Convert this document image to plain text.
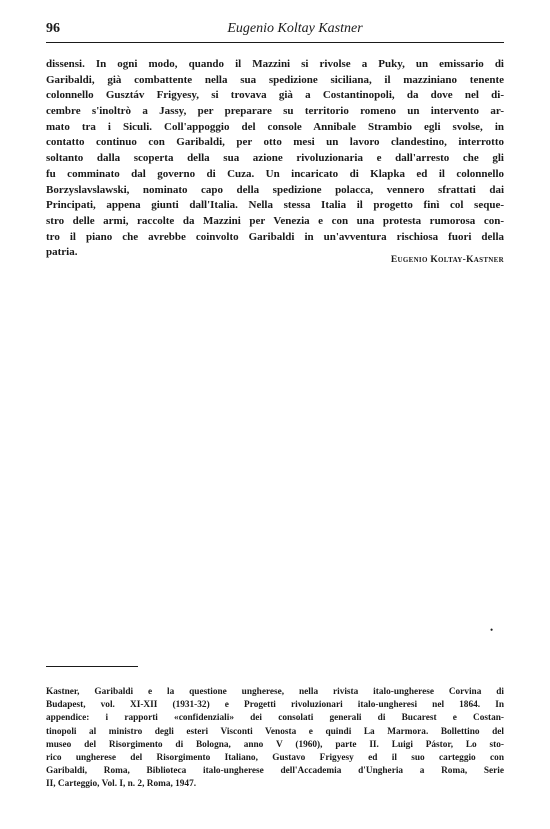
96	Eugenio Koltay Kastner
dissensi. In ogni modo, quando il Mazzini si rivolse a Puky, un emissario di
Garibaldi, già combattente nella sua spedizione siciliana, il mazziniano tenente
colonnello Gusztáv Frigyesy, si trovava già a Costantinopoli, da dove nel di-
cembre s'inoltrò a Jassy, per preparare su territorio romeno un intervento ar-
mato tra i Siculi. Coll'appoggio del console Annibale Strambio egli svolse, in
contatto continuo con Garibaldi, per otto mesi un lavoro clandestino, interrotto
soltanto dalla scoperta della sua azione rivoluzionaria e dall'arresto che gli
fu comminato dal governo di Cuza. Un incaricato di Klapka ed il colonnello
Borzyslavslawski, nominato capo della spedizione polacca, vennero sfrattati dai
Principati, appena giunti dall'Italia. Nella stessa Italia il progetto finì col seque-
stro delle armi, raccolte da Mazzini per Venezia e con una protesta rumorosa con-
tro il piano che avrebbe coinvolto Garibaldi in un'avventura rischiosa fuori della
patria.
Eugenio Koltay-Kastner
•
Kastner, Garibaldi e la questione ungherese, nella rivista italo-ungherese Corvina di
Budapest, vol. XI-XII (1931-32) e Progetti rivoluzionari italo-ungheresi nel 1864. In
appendice: i rapporti «confidenziali» dei consolati generali di Bucarest e Costan-
tinopoli al ministro degli esteri Visconti Venosta e quindi La Marmora. Bollettino del
museo del Risorgimento di Bologna, anno V (1960), parte II. Luigi Pástor, Lo sto-
rico ungherese del Risorgimento Italiano, Gustavo Frigyesy ed il suo carteggio con
Garibaldi, Roma, Biblioteca italo-ungherese dell'Accademia d'Ungheria a Roma, Serie
II, Carteggio, Vol. I, n. 2, Roma, 1947.
